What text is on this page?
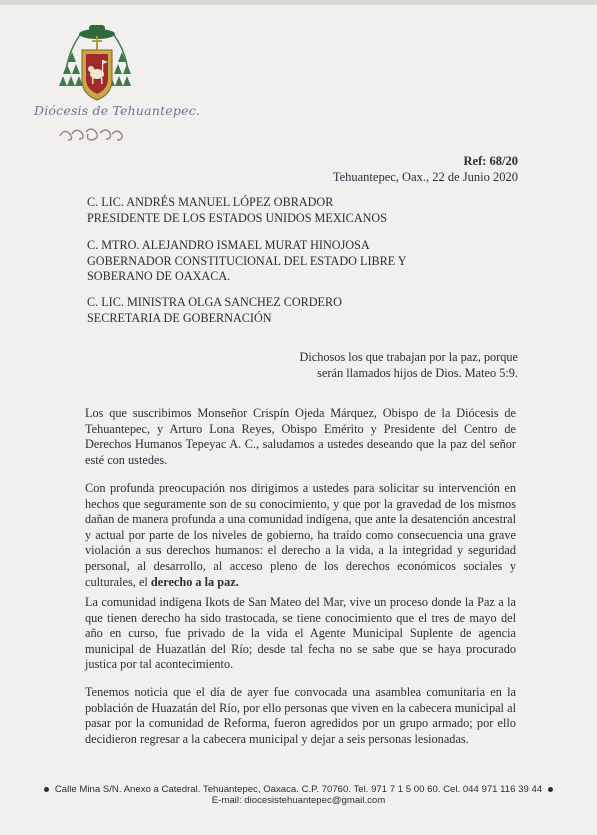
Diócesis de Tehuantepec.
Ref: 68/20
Tehuantepec, Oax., 22 de Junio 2020
C. LIC. ANDRÉS MANUEL LÓPEZ OBRADOR
PRESIDENTE DE LOS ESTADOS UNIDOS MEXICANOS
C. MTRO. ALEJANDRO ISMAEL MURAT HINOJOSA
GOBERNADOR CONSTITUCIONAL DEL ESTADO LIBRE Y
SOBERANO DE OAXACA.
C. LIC. MINISTRA OLGA SANCHEZ CORDERO
SECRETARIA DE GOBERNACIÓN
Dichosos los que trabajan por la paz, porque
serán llamados hijos de Dios. Mateo 5:9.
Los que suscribimos Monseñor Crispín Ojeda Márquez, Obispo de la Diócesis de Tehuantepec, y Arturo Lona Reyes, Obispo Emérito y Presidente del Centro de Derechos Humanos Tepeyac A. C., saludamos a ustedes deseando que la paz del señor esté con ustedes.
Con profunda preocupación nos dirigimos a ustedes para solicitar su intervención en hechos que seguramente son de su conocimiento, y que por la gravedad de los mismos dañan de manera profunda a una comunidad indígena, que ante la desatención ancestral y actual por parte de los niveles de gobierno, ha traído como consecuencia una grave violación a sus derechos humanos: el derecho a la vida, a la integridad y seguridad personal, al desarrollo, al acceso pleno de los derechos económicos sociales y culturales, el derecho a la paz.
La comunidad indígena Ikots de San Mateo del Mar, vive un proceso donde la Paz a la que tienen derecho ha sido trastocada, se tiene conocimiento que el tres de mayo del año en curso, fue privado de la vida el Agente Municipal Suplente de agencia municipal de Huazatlán del Río; desde tal fecha no se sabe que se haya procurado justica por tal acontecimiento.
Tenemos noticia que el día de ayer fue convocada una asamblea comunitaria en la población de Huazatán del Río, por ello personas que viven en la cabecera municipal al pasar por la comunidad de Reforma, fueron agredidos por un grupo armado; por ello decidieron regresar a la cabecera municipal y dejar a seis personas lesionadas.
Calle Mina S/N. Anexo a Catedral. Tehuantepec, Oaxaca. C.P. 70760. Tel. 971 7 1 5 00 60. Cel. 044 971 116 39 44
E-mail: diocesistehuantepec@gmail.com
